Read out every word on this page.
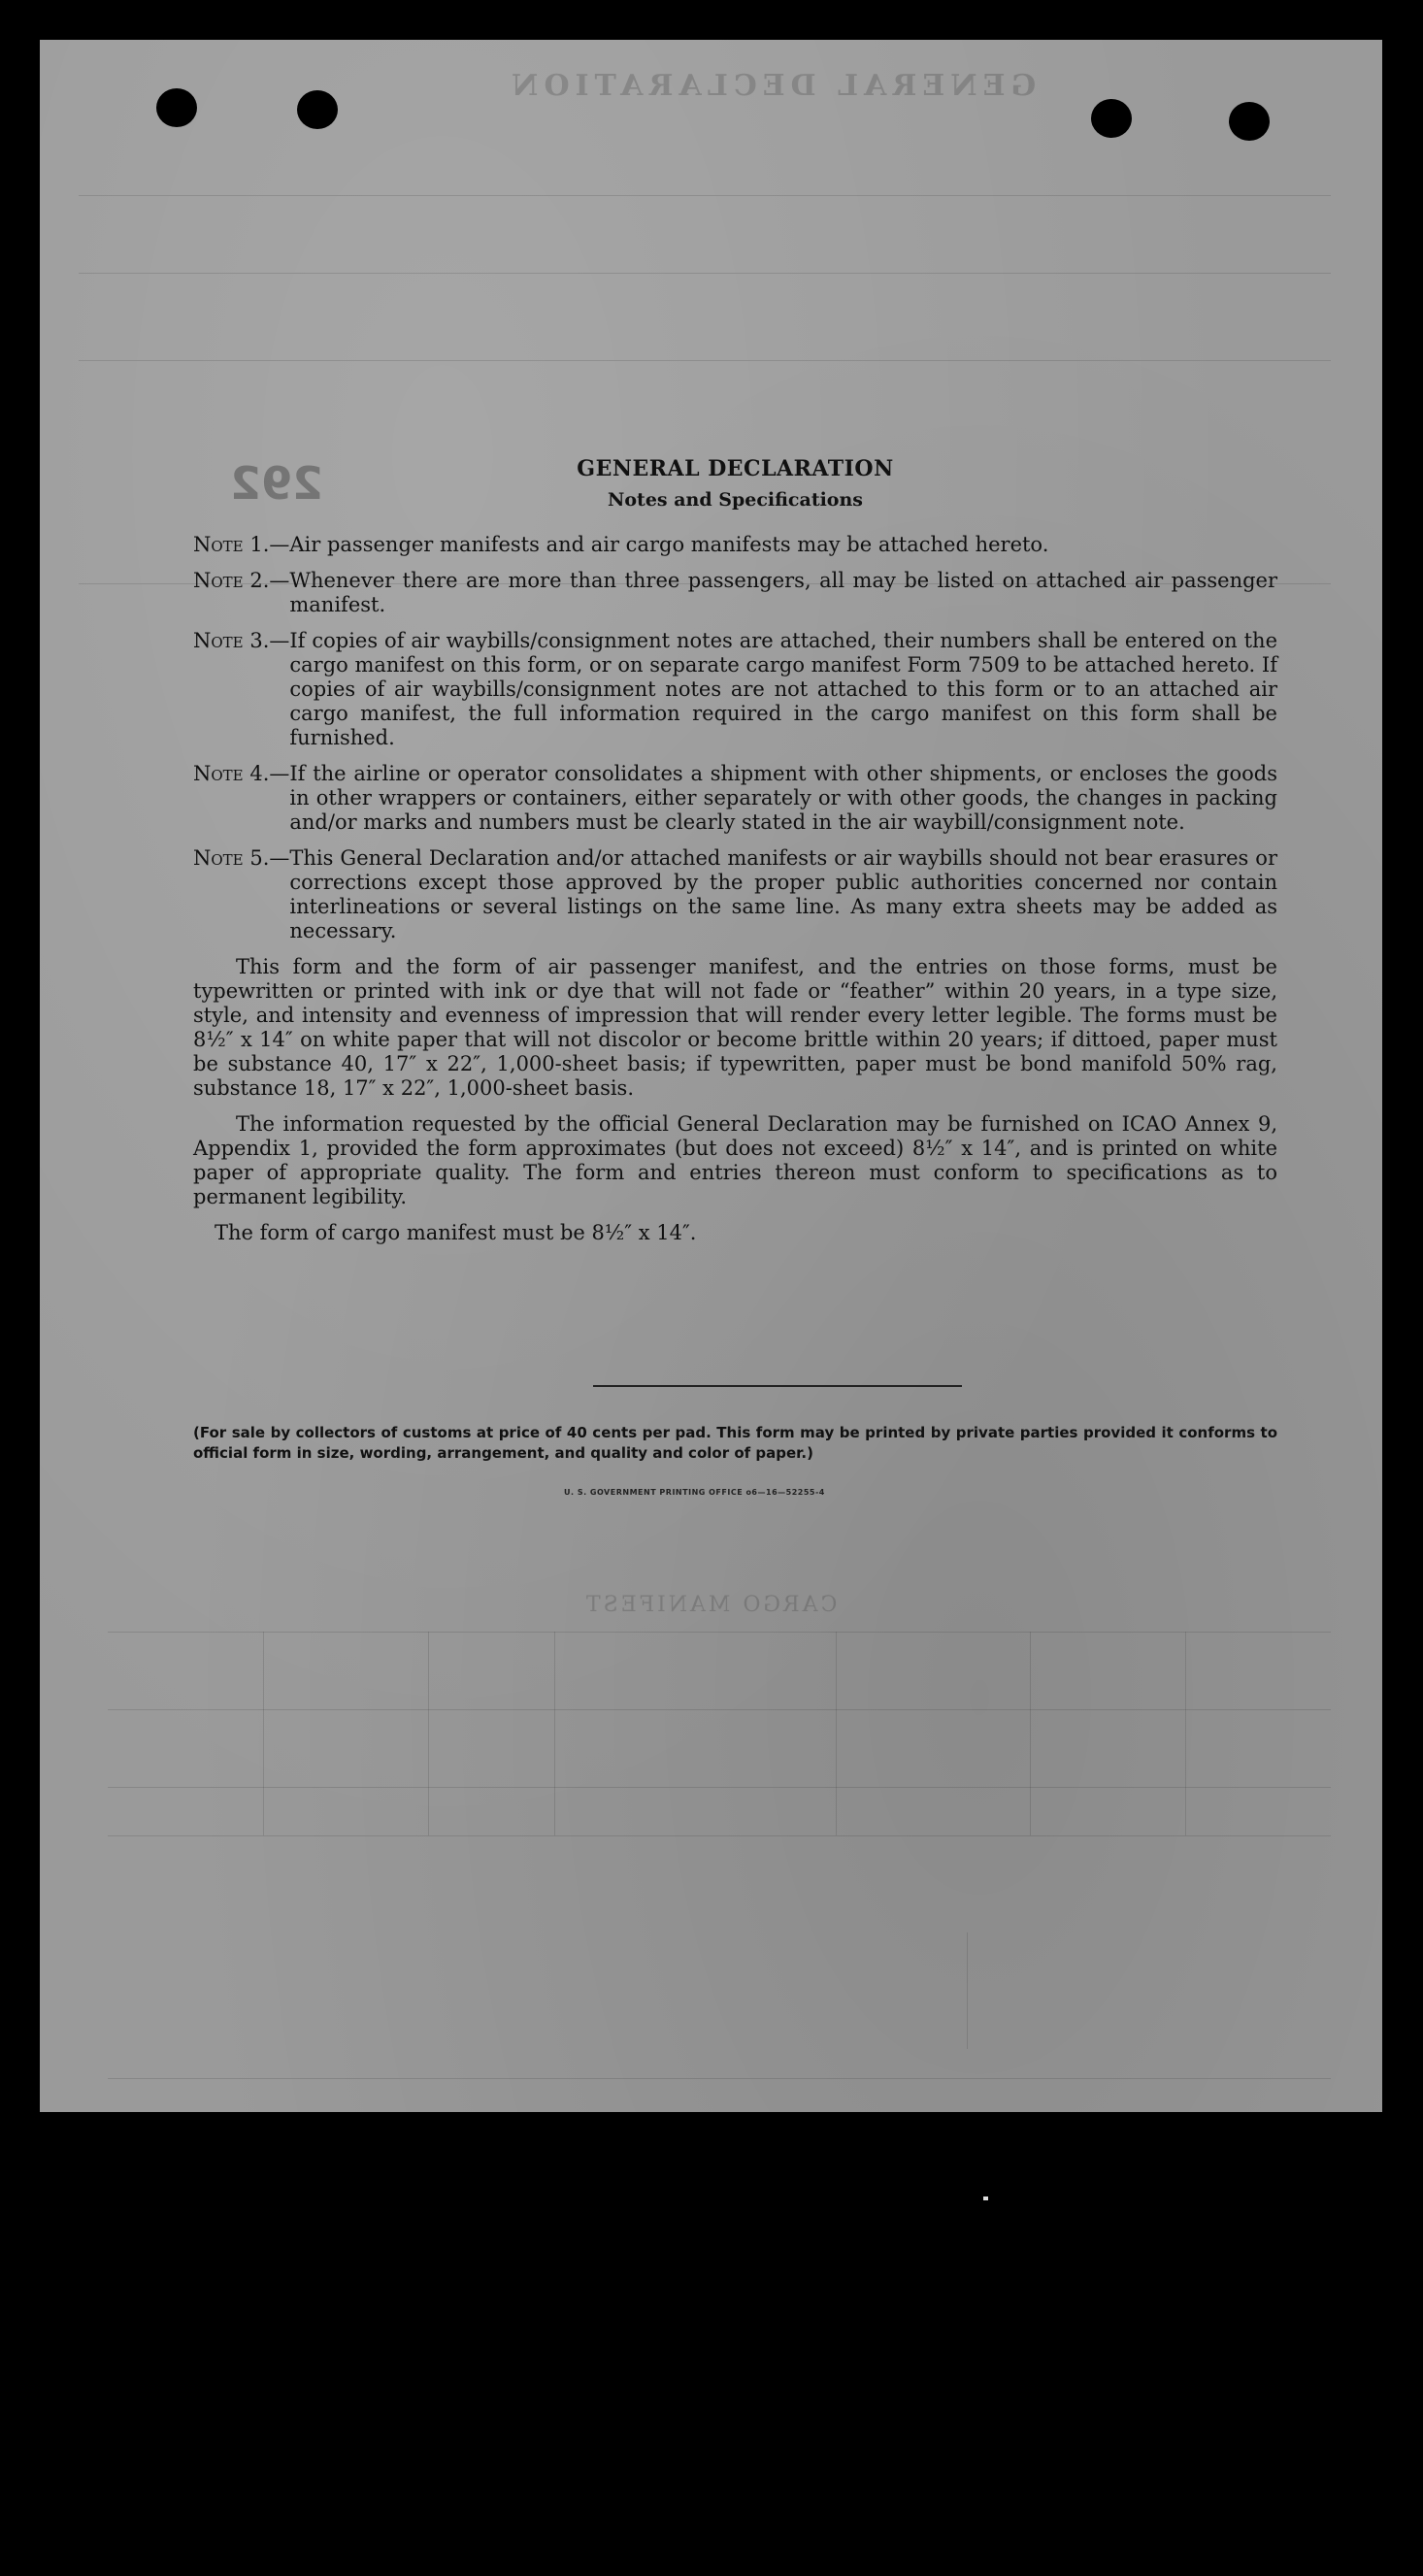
GENERAL DECLARATION
CARGO MANIFEST
292	GENERAL DECLARATION
Notes and Specifications
Note 1.— Air passenger manifests and air cargo manifests may be attached hereto.
Note 2.— Whenever there are more than three passengers, all may be listed on attached air passenger manifest.
Note 3.— If copies of air waybills/consignment notes are attached, their numbers shall be entered on the cargo manifest on this form, or on separate cargo manifest Form 7509 to be attached hereto. If copies of air waybills/consignment notes are not attached to this form or to an attached air cargo manifest, the full information required in the cargo manifest on this form shall be furnished.
Note 4.— If the airline or operator consolidates a shipment with other shipments, or encloses the goods in other wrappers or containers, either separately or with other goods, the changes in packing and/or marks and numbers must be clearly stated in the air waybill/consignment note.
Note 5.— This General Declaration and/or attached manifests or air waybills should not bear erasures or corrections except those approved by the proper public authorities concerned nor contain interlineations or several listings on the same line. As many extra sheets may be added as necessary.

This form and the form of air passenger manifest, and the entries on those forms, must be typewritten or printed with ink or dye that will not fade or “feather” within 20 years, in a type size, style, and intensity and evenness of impression that will render every letter legible. The forms must be 8½″ x 14″ on white paper that will not discolor or become brittle within 20 years; if dittoed, paper must be substance 40, 17″ x 22″, 1,000-sheet basis; if typewritten, paper must be bond manifold 50% rag, substance 18, 17″ x 22″, 1,000-sheet basis.

The information requested by the official General Declaration may be furnished on ICAO Annex 9, Appendix 1, provided the form approximates (but does not exceed) 8½″ x 14″, and is printed on white paper of appropriate quality. The form and entries thereon must conform to specifications as to permanent legibility.

The form of cargo manifest must be 8½″ x 14″.

(For sale by collectors of customs at price of 40 cents per pad. This form may be printed by private parties provided it conforms to official form in size, wording, arrangement, and quality and color of paper.)
U. S. GOVERNMENT PRINTING OFFICE o6—16—52255-4
